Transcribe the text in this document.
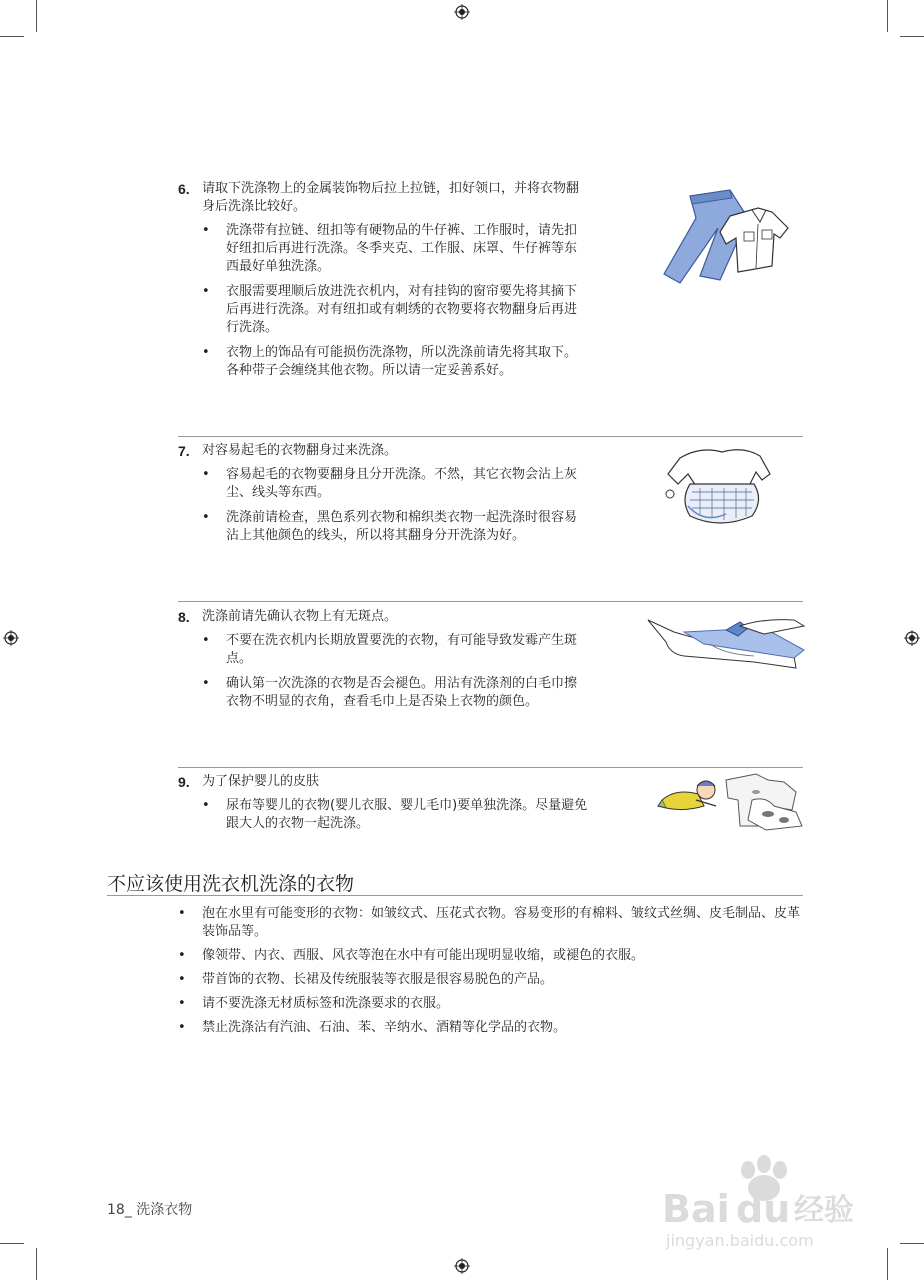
6. 请取下洗涤物上的金属装饰物后拉上拉链，扣好领口，并将衣物翻身后洗涤比较好。
•	洗涤带有拉链、纽扣等有硬物品的牛仔裤、工作服时，请先扣好纽扣后再进行洗涤。冬季夹克、工作服、床罩、牛仔裤等东西最好单独洗涤。
•	衣服需要理顺后放进洗衣机内，对有挂钩的窗帘要先将其摘下后再进行洗涤。对有纽扣或有刺绣的衣物要将衣物翻身后再进行洗涤。
•	衣物上的饰品有可能损伤洗涤物，所以洗涤前请先将其取下。各种带子会缠绕其他衣物。所以请一定妥善系好。
7. 对容易起毛的衣物翻身过来洗涤。
•	容易起毛的衣物要翻身且分开洗涤。不然，其它衣物会沾上灰尘、线头等东西。
•	洗涤前请检查，黑色系列衣物和棉织类衣物一起洗涤时很容易沾上其他颜色的线头，所以将其翻身分开洗涤为好。
8. 洗涤前请先确认衣物上有无斑点。
•	不要在洗衣机内长期放置要洗的衣物，有可能导致发霉产生斑点。
•	确认第一次洗涤的衣物是否会褪色。用沾有洗涤剂的白毛巾擦衣物不明显的衣角，查看毛巾上是否染上衣物的颜色。
9. 为了保护婴儿的皮肤
•	尿布等婴儿的衣物(婴儿衣服、婴儿毛巾)要单独洗涤。尽量避免跟大人的衣物一起洗涤。
不应该使用洗衣机洗涤的衣物
•	泡在水里有可能变形的衣物：如皱纹式、压花式衣物。容易变形的有棉料、皱纹式丝绸、皮毛制品、皮革装饰品等。
•	像领带、内衣、西服、风衣等泡在水中有可能出现明显收缩，或褪色的衣服。
•	带首饰的衣物、长裙及传统服装等衣服是很容易脱色的产品。
•	请不要洗涤无材质标签和洗涤要求的衣服。
•	禁止洗涤沾有汽油、石油、苯、辛纳水、酒精等化学品的衣物。
18_ 洗涤衣物	Bai du 经验
jingyan.baidu.com
